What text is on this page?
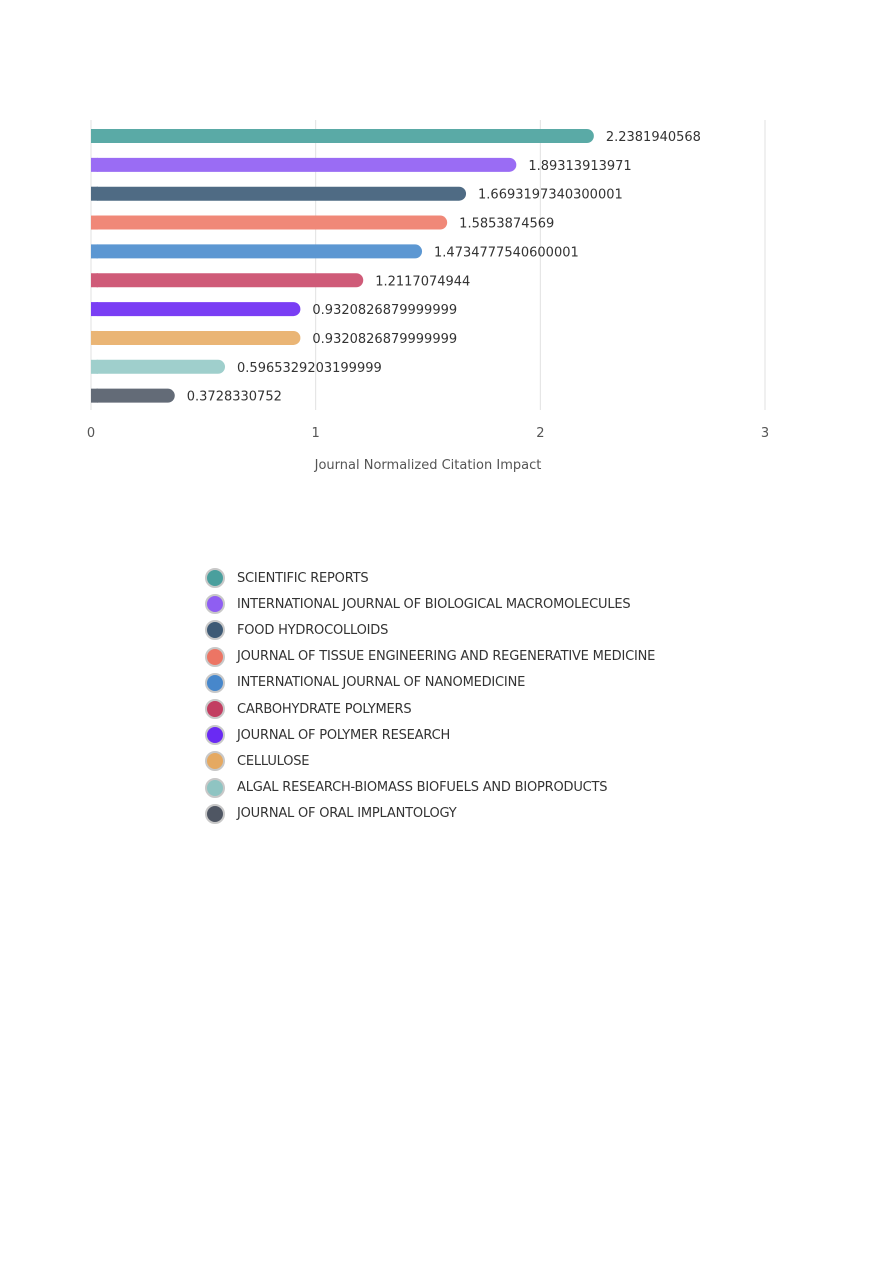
2.2381940568
1.89313913971
1.6693197340300001
1.5853874569
1.4734777540600001
1.2117074944
0.9320826879999999
0.9320826879999999
0.5965329203199999
0.3728330752
0	1	2	3
Journal Normalized Citation Impact
SCIENTIFIC REPORTS
INTERNATIONAL JOURNAL OF BIOLOGICAL MACROMOLECULES
FOOD HYDROCOLLOIDS
JOURNAL OF TISSUE ENGINEERING AND REGENERATIVE MEDICINE
INTERNATIONAL JOURNAL OF NANOMEDICINE
CARBOHYDRATE POLYMERS
JOURNAL OF POLYMER RESEARCH
CELLULOSE
ALGAL RESEARCH-BIOMASS BIOFUELS AND BIOPRODUCTS
JOURNAL OF ORAL IMPLANTOLOGY
